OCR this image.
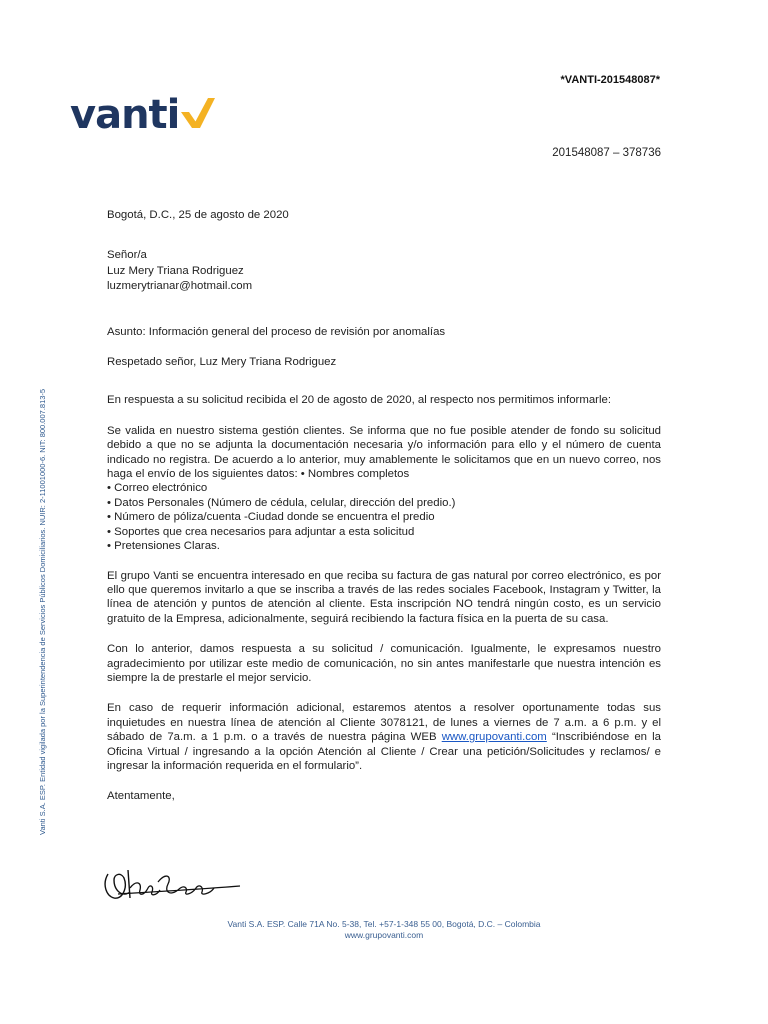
*VANTI-201548087*
vanti
201548087 – 378736
Vanti S.A. ESP. Entidad vigilada por la Superintendencia de Servicios Públicos Domiciliarios. NUIR: 2-11001000-6. NIT: 800.007.813-5

Bogotá, D.C., 25 de agosto de 2020

Señor/a

Luz Mery Triana Rodriguez

luzmerytrianar@hotmail.com

Asunto: Información general del proceso de revisión por anomalías

Respetado señor, Luz Mery Triana Rodriguez

En respuesta a su solicitud recibida el 20 de agosto de 2020, al respecto nos permitimos informarle:

Se valida en nuestro sistema gestión clientes. Se informa que no fue posible atender de fondo su solicitud debido a que no se adjunta la documentación necesaria y/o información para ello y el número de cuenta indicado no registra. De acuerdo a lo anterior, muy amablemente le solicitamos que en un nuevo correo, nos haga el envío de los siguientes datos: • Nombres completos

• Correo electrónico
• Datos Personales (Número de cédula, celular, dirección del predio.)
• Número de póliza/cuenta -Ciudad donde se encuentra el predio
• Soportes que crea necesarios para adjuntar a esta solicitud
• Pretensiones Claras.

El grupo Vanti se encuentra interesado en que reciba su factura de gas natural por correo electrónico, es por ello que queremos invitarlo a que se inscriba a través de las redes sociales Facebook, Instagram y Twitter, la línea de atención y puntos de atención al cliente. Esta inscripción NO tendrá ningún costo, es un servicio gratuito de la Empresa, adicionalmente, seguirá recibiendo la factura física en la puerta de su casa.

Con lo anterior, damos respuesta a su solicitud / comunicación. Igualmente, le expresamos nuestro agradecimiento por utilizar este medio de comunicación, no sin antes manifestarle que nuestra intención es siempre la de prestarle el mejor servicio.

En caso de requerir información adicional, estaremos atentos a resolver oportunamente todas sus inquietudes en nuestra línea de atención al Cliente 3078121, de lunes a viernes de 7 a.m. a 6 p.m. y el sábado de 7a.m. a 1 p.m. o a través de nuestra página WEB www.grupovanti.com “Inscribiéndose en la Oficina Virtual / ingresando a la opción Atención al Cliente / Crear una petición/Solicitudes y reclamos/ e ingresar la información requerida en el formulario”.

Atentamente,

Vanti S.A. ESP. Calle 71A No. 5-38, Tel. +57-1-348 55 00, Bogotá, D.C. – Colombia
www.grupovanti.com
